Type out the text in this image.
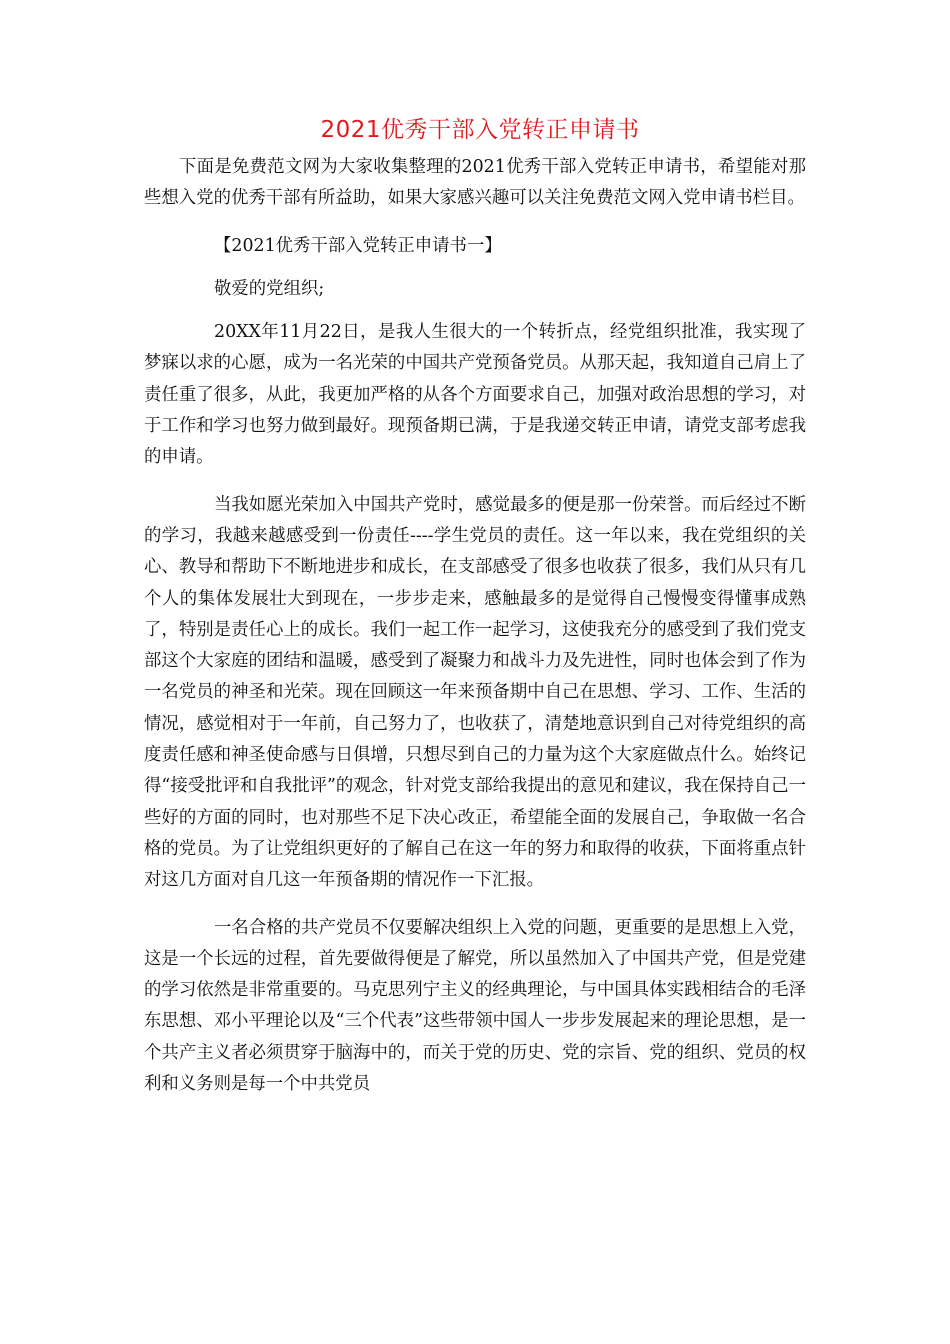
2021优秀干部入党转正申请书

下面是免费范文网为大家收集整理的2021优秀干部入党转正申请书，希望能对那些想入党的优秀干部有所益助，如果大家感兴趣可以关注免费范文网入党申请书栏目。

【2021优秀干部入党转正申请书一】

敬爱的党组织;

20XX年11月22日，是我人生很大的一个转折点，经党组织批准，我实现了梦寐以求的心愿，成为一名光荣的中国共产党预备党员。从那天起，我知道自己肩上了责任重了很多，从此，我更加严格的从各个方面要求自己，加强对政治思想的学习，对于工作和学习也努力做到最好。现预备期已满，于是我递交转正申请，请党支部考虑我的申请。

当我如愿光荣加入中国共产党时，感觉最多的便是那一份荣誉。而后经过不断的学习，我越来越感受到一份责任----学生党员的责任。这一年以来，我在党组织的关心、教导和帮助下不断地进步和成长，在支部感受了很多也收获了很多，我们从只有几个人的集体发展壮大到现在，一步步走来，感触最多的是觉得自己慢慢变得懂事成熟了，特别是责任心上的成长。我们一起工作一起学习，这使我充分的感受到了我们党支部这个大家庭的团结和温暖，感受到了凝聚力和战斗力及先进性，同时也体会到了作为一名党员的神圣和光荣。现在回顾这一年来预备期中自己在思想、学习、工作、生活的情况，感觉相对于一年前，自己努力了，也收获了，清楚地意识到自己对待党组织的高度责任感和神圣使命感与日俱增，只想尽到自己的力量为这个大家庭做点什么。始终记得“接受批评和自我批评”的观念，针对党支部给我提出的意见和建议，我在保持自己一些好的方面的同时，也对那些不足下决心改正，希望能全面的发展自己，争取做一名合格的党员。为了让党组织更好的了解自己在这一年的努力和取得的收获，下面将重点针对这几方面对自几这一年预备期的情况作一下汇报。

一名合格的共产党员不仅要解决组织上入党的问题，更重要的是思想上入党，这是一个长远的过程，首先要做得便是了解党，所以虽然加入了中国共产党，但是党建的学习依然是非常重要的。马克思列宁主义的经典理论，与中国具体实践相结合的毛泽东思想、邓小平理论以及“三个代表”这些带领中国人一步步发展起来的理论思想，是一个共产主义者必须贯穿于脑海中的，而关于党的历史、党的宗旨、党的组织、党员的权利和义务则是每一个中共党员
